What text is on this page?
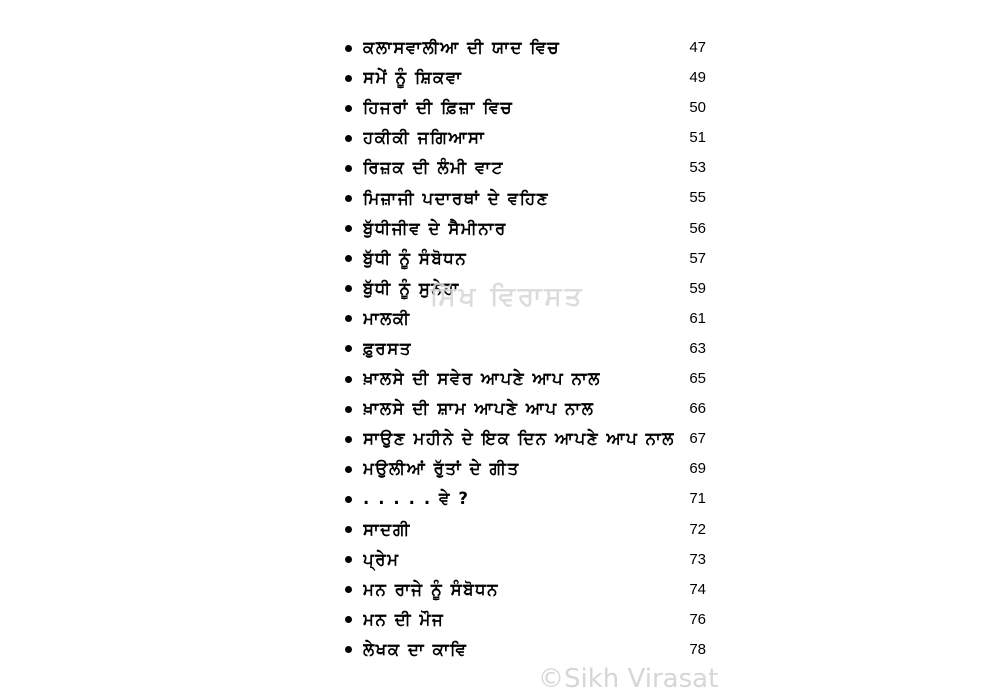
ਕਲਾਸਵਾਲੀਆ ਦੀ ਯਾਦ ਵਿਚ	47
ਸਮੇਂ ਨੂੰ ਸ਼ਿਕਵਾ	49
ਹਿਜਰਾਂ ਦੀ ਫ਼ਿਜ਼ਾ ਵਿਚ	50
ਹਕੀਕੀ ਜਗਿਆਸਾ	51
ਰਿਜ਼ਕ ਦੀ ਲੰਮੀ ਵਾਟ	53
ਮਿਜ਼ਾਜੀ ਪਦਾਰਥਾਂ ਦੇ ਵਹਿਣ	55
ਬੁੱਧੀਜੀਵ ਦੇ ਸੈਮੀਨਾਰ	56
ਬੁੱਧੀ ਨੂੰ ਸੰਬੋਧਨ	57
ਬੁੱਧੀ ਨੂੰ ਸੁਨੇਹਾ	59
ਮਾਲਕੀ	61
ਫ਼ੁਰਸਤ	63
ਖ਼ਾਲਸੇ ਦੀ ਸਵੇਰ ਆਪਣੇ ਆਪ ਨਾਲ	65
ਖ਼ਾਲਸੇ ਦੀ ਸ਼ਾਮ ਆਪਣੇ ਆਪ ਨਾਲ	66
ਸਾਉਣ ਮਹੀਨੇ ਦੇ ਇਕ ਦਿਨ ਆਪਣੇ ਆਪ ਨਾਲ 67
ਮਉਲੀਆਂ ਰੁੱਤਾਂ ਦੇ ਗੀਤ	69
. . . . . ਵੇ ?	71
ਸਾਦਗੀ	72
ਪ੍ਰੇਮ	73
ਮਨ ਰਾਜੇ ਨੂੰ ਸੰਬੋਧਨ	74
ਮਨ ਦੀ ਮੌਜ	76
ਲੇਖਕ ਦਾ ਕਾਵਿ	78
ਸਿੱਖ ਵਿਰਾਸਤ
©Sikh Virasat
